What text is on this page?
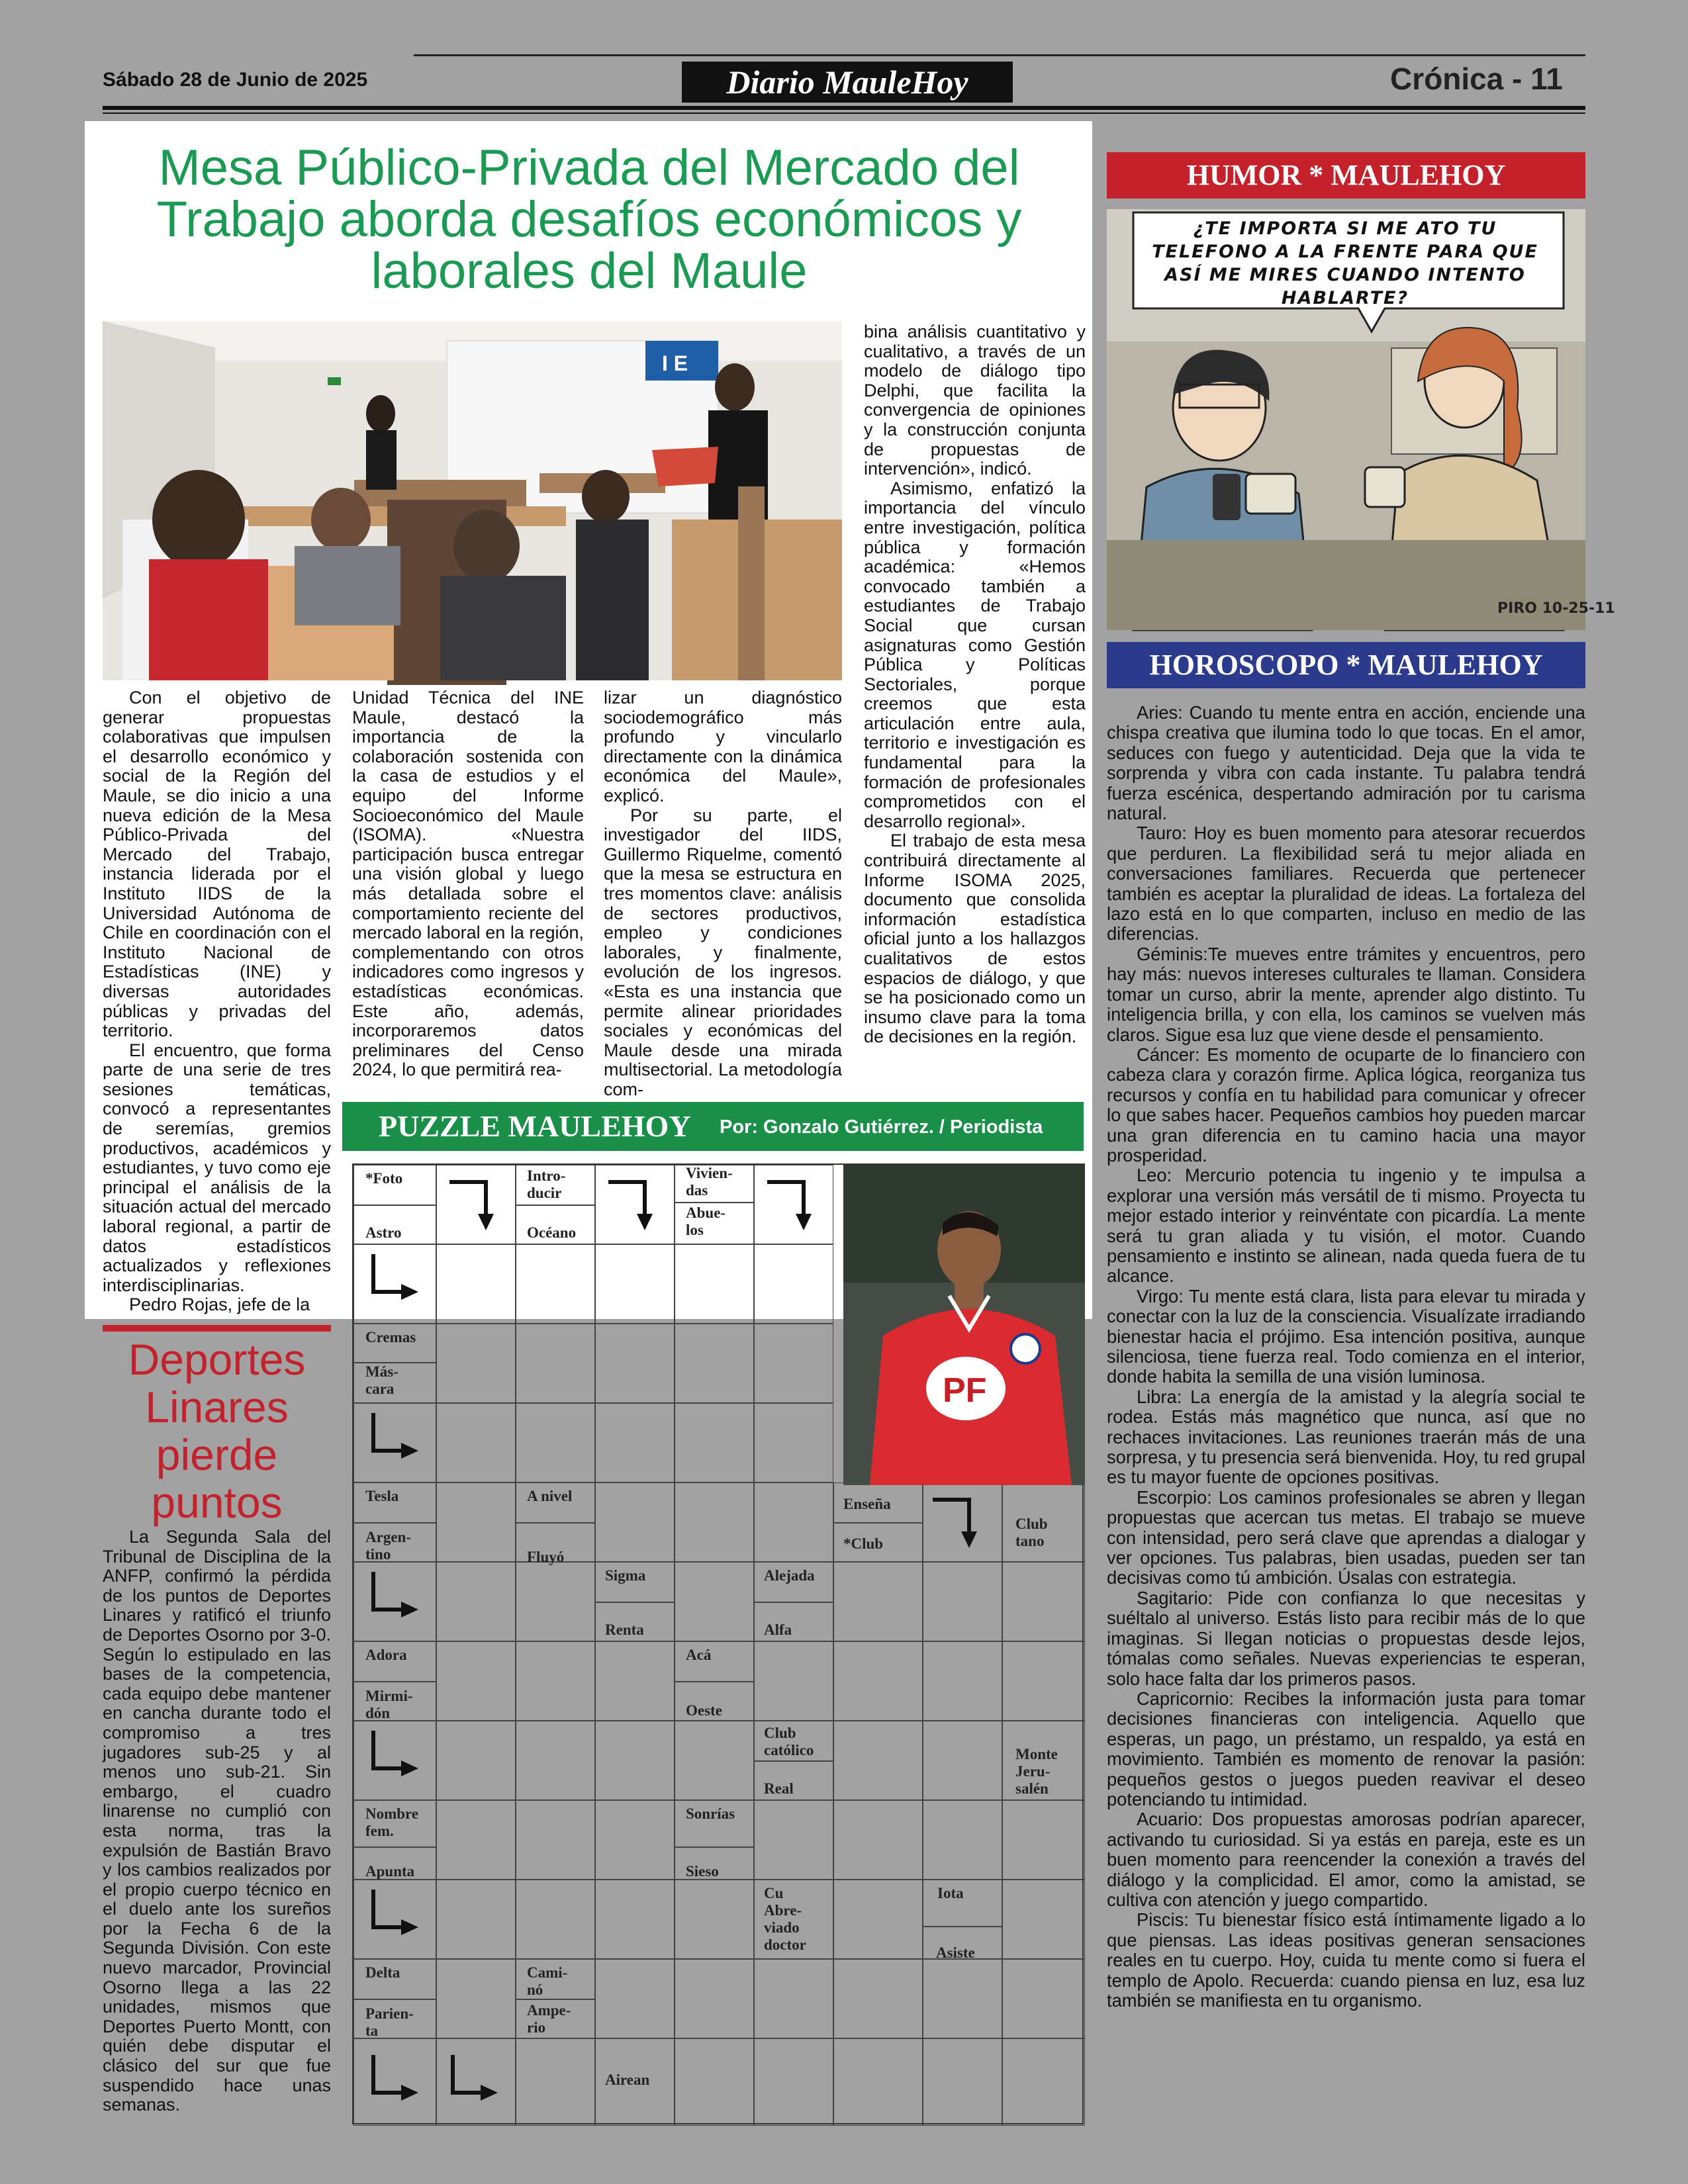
Sábado 28 de Junio de 2025	Diario MauleHoy	Crónica - 11
Mesa Público-Privada del Mercado del
Trabajo aborda desafíos económicos y
laborales del Maule
I E

Con el objetivo de generar propuestas colaborativas que impulsen el desarrollo económico y social de la Región del Maule, se dio inicio a una nueva edición de la Mesa Público-Privada del Mercado del Trabajo, instancia liderada por el Instituto IIDS de la Universidad Autónoma de Chile en coordinación con el Instituto Nacional de Estadísticas (INE) y diversas autoridades públicas y privadas del territorio.

El encuentro, que forma parte de una serie de tres sesiones temáticas, convocó a representantes de seremías, gremios productivos, académicos y estudiantes, y tuvo como eje principal el análisis de la situación actual del mercado laboral regional, a partir de datos estadísticos actualizados y reflexiones interdisciplinarias.

Pedro Rojas, jefe de la

Unidad Técnica del INE Maule, destacó la importancia de la colaboración sostenida con la casa de estudios y el equipo del Informe Socioeconómico del Maule (ISOMA). «Nuestra participación busca entregar una visión global y luego más detallada sobre el comportamiento reciente del mercado laboral en la región, complementando con otros indicadores como ingresos y estadísticas económicas. Este año, además, incorporaremos datos preliminares del Censo 2024, lo que permitirá rea-

lizar un diagnóstico sociodemográfico más profundo y vincularlo directamente con la dinámica económica del Maule», explicó.

Por su parte, el investigador del IIDS, Guillermo Riquelme, comentó que la mesa se estructura en tres momentos clave: análisis de sectores productivos, empleo y condiciones laborales, y finalmente, evolución de los ingresos. «Esta es una instancia que permite alinear prioridades sociales y económicas del Maule desde una mirada multisectorial. La metodología com-

bina análisis cuantitativo y cualitativo, a través de un modelo de diálogo tipo Delphi, que facilita la convergencia de opiniones y la construcción conjunta de propuestas de intervención», indicó.

Asimismo, enfatizó la importancia del vínculo entre investigación, política pública y formación académica: «Hemos convocado también a estudiantes de Trabajo Social que cursan asignaturas como Gestión Pública y Políticas Sectoriales, porque creemos que esta articulación entre aula, territorio e investigación es fundamental para la formación de profesionales comprometidos con el desarrollo regional».

El trabajo de esta mesa contribuirá directamente al Informe ISOMA 2025, documento que consolida información estadística oficial junto a los hallazgos cualitativos de estos espacios de diálogo, y que se ha posicionado como un insumo clave para la toma de decisiones en la región.

PUZZLE MAULEHOY Por: Gonzalo Gutiérrez. / Periodista
PF
*Foto
Astro
Intro-
ducir
Océano
Vivien-
das
Abue-
los
Cremas
Más-
cara
Tesla
Argen-
tino
A nivel
Fluyó
Enseña
*Club
Club
tano
Sigma
Renta
Alejada
Alfa
Adora
Mirmi-
dón
Acá
Oeste
Club
católico
Real
Monte
Jeru-
salén
Nombre
fem.
Apunta
Sonrías
Sieso
Cu
Abre-
viado
doctor
Iota
Asiste
Delta
Parien-
ta
Cami-
nó
Ampe-
rio
Airean
Deportes
Linares
pierde
puntos

La Segunda Sala del Tribunal de Disciplina de la ANFP, confirmó la pérdida de los puntos de Deportes Linares y ratificó el triunfo de Deportes Osorno por 3-0. Según lo estipulado en las bases de la competencia, cada equipo debe mantener en cancha durante todo el compromiso a tres jugadores sub-25 y al menos uno sub-21. Sin embargo, el cuadro linarense no cumplió con esta norma, tras la expulsión de Bastián Bravo y los cambios realizados por el propio cuerpo técnico en el duelo ante los sureños por la Fecha 6 de la Segunda División. Con este nuevo marcador, Provincial Osorno llega a las 22 unidades, mismos que Deportes Puerto Montt, con quién debe disputar el clásico del sur que fue suspendido hace unas semanas.

HUMOR * MAULEHOY
PIRO 10-25-11
¿TE IMPORTA SI ME ATO TU TELEFONO A LA FRENTE PARA QUE ASÍ ME MIRES CUANDO INTENTO HABLARTE?
HOROSCOPO * MAULEHOY

Aries: Cuando tu mente entra en acción, enciende una chispa creativa que ilumina todo lo que tocas. En el amor, seduces con fuego y autenticidad. Deja que la vida te sorprenda y vibra con cada instante. Tu palabra tendrá fuerza escénica, despertando admiración por tu carisma natural.

Tauro: Hoy es buen momento para atesorar recuerdos que perduren. La flexibilidad será tu mejor aliada en conversaciones familiares. Recuerda que pertenecer también es aceptar la pluralidad de ideas. La fortaleza del lazo está en lo que comparten, incluso en medio de las diferencias.

Géminis:Te mueves entre trámites y encuentros, pero hay más: nuevos intereses culturales te llaman. Considera tomar un curso, abrir la mente, aprender algo distinto. Tu inteligencia brilla, y con ella, los caminos se vuelven más claros. Sigue esa luz que viene desde el pensamiento.

Cáncer: Es momento de ocuparte de lo financiero con cabeza clara y corazón firme. Aplica lógica, reorganiza tus recursos y confía en tu habilidad para comunicar y ofrecer lo que sabes hacer. Pequeños cambios hoy pueden marcar una gran diferencia en tu camino hacia una mayor prosperidad.

Leo: Mercurio potencia tu ingenio y te impulsa a explorar una versión más versátil de ti mismo. Proyecta tu mejor estado interior y reinvéntate con picardía. La mente será tu gran aliada y tu visión, el motor. Cuando pensamiento e instinto se alinean, nada queda fuera de tu alcance.

Virgo: Tu mente está clara, lista para elevar tu mirada y conectar con la luz de la consciencia. Visualízate irradiando bienestar hacia el prójimo. Esa intención positiva, aunque silenciosa, tiene fuerza real. Todo comienza en el interior, donde habita la semilla de una visión luminosa.

Libra: La energía de la amistad y la alegría social te rodea. Estás más magnético que nunca, así que no rechaces invitaciones. Las reuniones traerán más de una sorpresa, y tu presencia será bienvenida. Hoy, tu red grupal es tu mayor fuente de opciones positivas.

Escorpio: Los caminos profesionales se abren y llegan propuestas que acercan tus metas. El trabajo se mueve con intensidad, pero será clave que aprendas a dialogar y ver opciones. Tus palabras, bien usadas, pueden ser tan decisivas como tú ambición. Úsalas con estrategia.

Sagitario: Pide con confianza lo que necesitas y suéltalo al universo. Estás listo para recibir más de lo que imaginas. Si llegan noticias o propuestas desde lejos, tómalas como señales. Nuevas experiencias te esperan, solo hace falta dar los primeros pasos.

Capricornio: Recibes la información justa para tomar decisiones financieras con inteligencia. Aquello que esperas, un pago, un préstamo, un respaldo, ya está en movimiento. También es momento de renovar la pasión: pequeños gestos o juegos pueden reavivar el deseo potenciando tu intimidad.

Acuario: Dos propuestas amorosas podrían aparecer, activando tu curiosidad. Si ya estás en pareja, este es un buen momento para reencender la conexión a través del diálogo y la complicidad. El amor, como la amistad, se cultiva con atención y juego compartido.

Piscis: Tu bienestar físico está íntimamente ligado a lo que piensas. Las ideas positivas generan sensaciones reales en tu cuerpo. Hoy, cuida tu mente como si fuera el templo de Apolo. Recuerda: cuando piensa en luz, esa luz también se manifiesta en tu organismo.
